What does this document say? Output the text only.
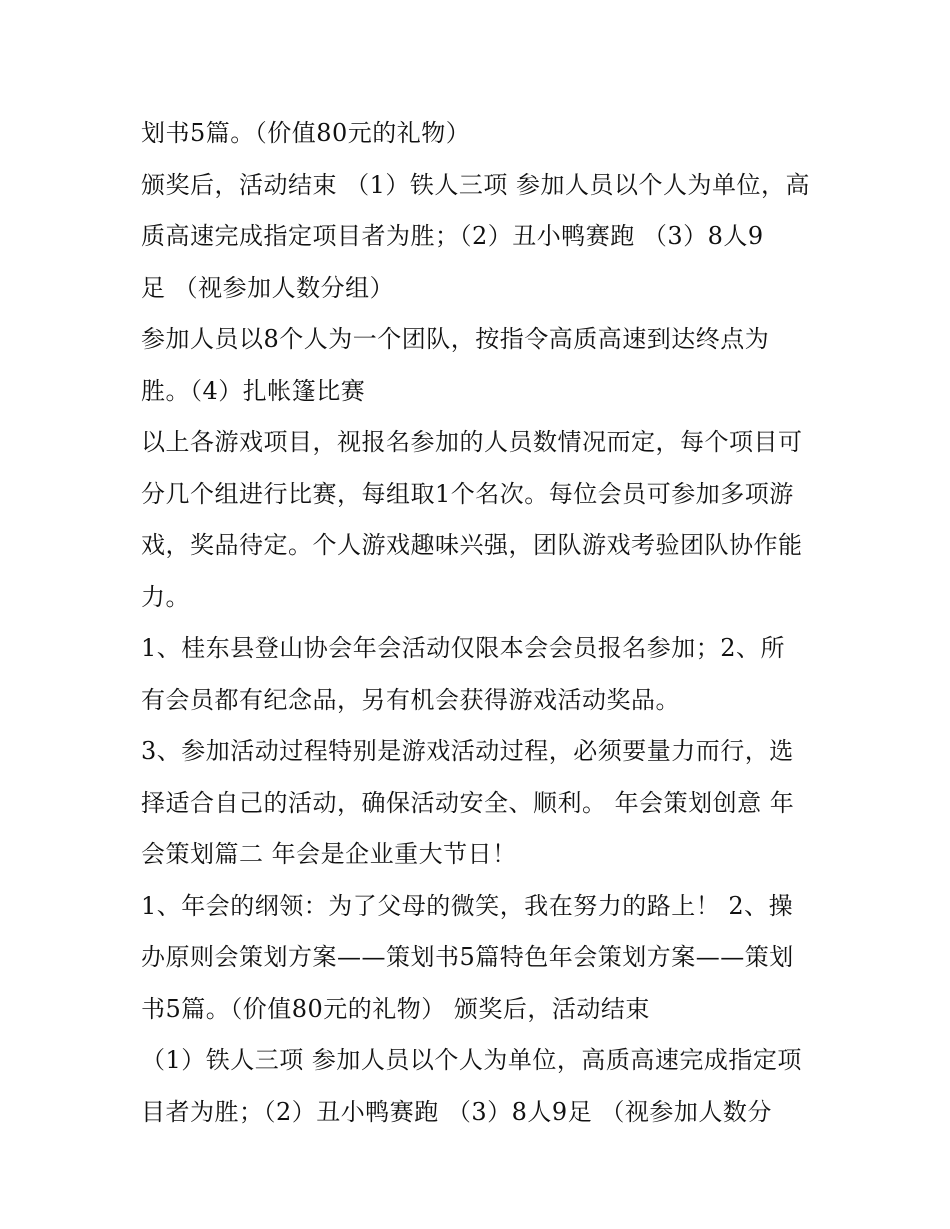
划书5篇。（价值80元的礼物）
颁奖后，活动结束 （1）铁人三项 参加人员以个人为单位，高
质高速完成指定项目者为胜；（2）丑小鸭赛跑 （3）8人9
足 （视参加人数分组）
参加人员以8个人为一个团队，按指令高质高速到达终点为
胜。（4）扎帐篷比赛
以上各游戏项目，视报名参加的人员数情况而定，每个项目可
分几个组进行比赛，每组取1个名次。每位会员可参加多项游
戏，奖品待定。个人游戏趣味兴强，团队游戏考验团队协作能
力。
1、桂东县登山协会年会活动仅限本会会员报名参加；2、所
有会员都有纪念品，另有机会获得游戏活动奖品。
3、参加活动过程特别是游戏活动过程，必须要量力而行，选
择适合自己的活动，确保活动安全、顺利。 年会策划创意 年
会策划篇二 年会是企业重大节日！
1、年会的纲领：为了父母的微笑，我在努力的路上！ 2、操
办原则会策划方案——策划书5篇特色年会策划方案——策划
书5篇。（价值80元的礼物） 颁奖后，活动结束
（1）铁人三项 参加人员以个人为单位，高质高速完成指定项
目者为胜；（2）丑小鸭赛跑 （3）8人9足 （视参加人数分
